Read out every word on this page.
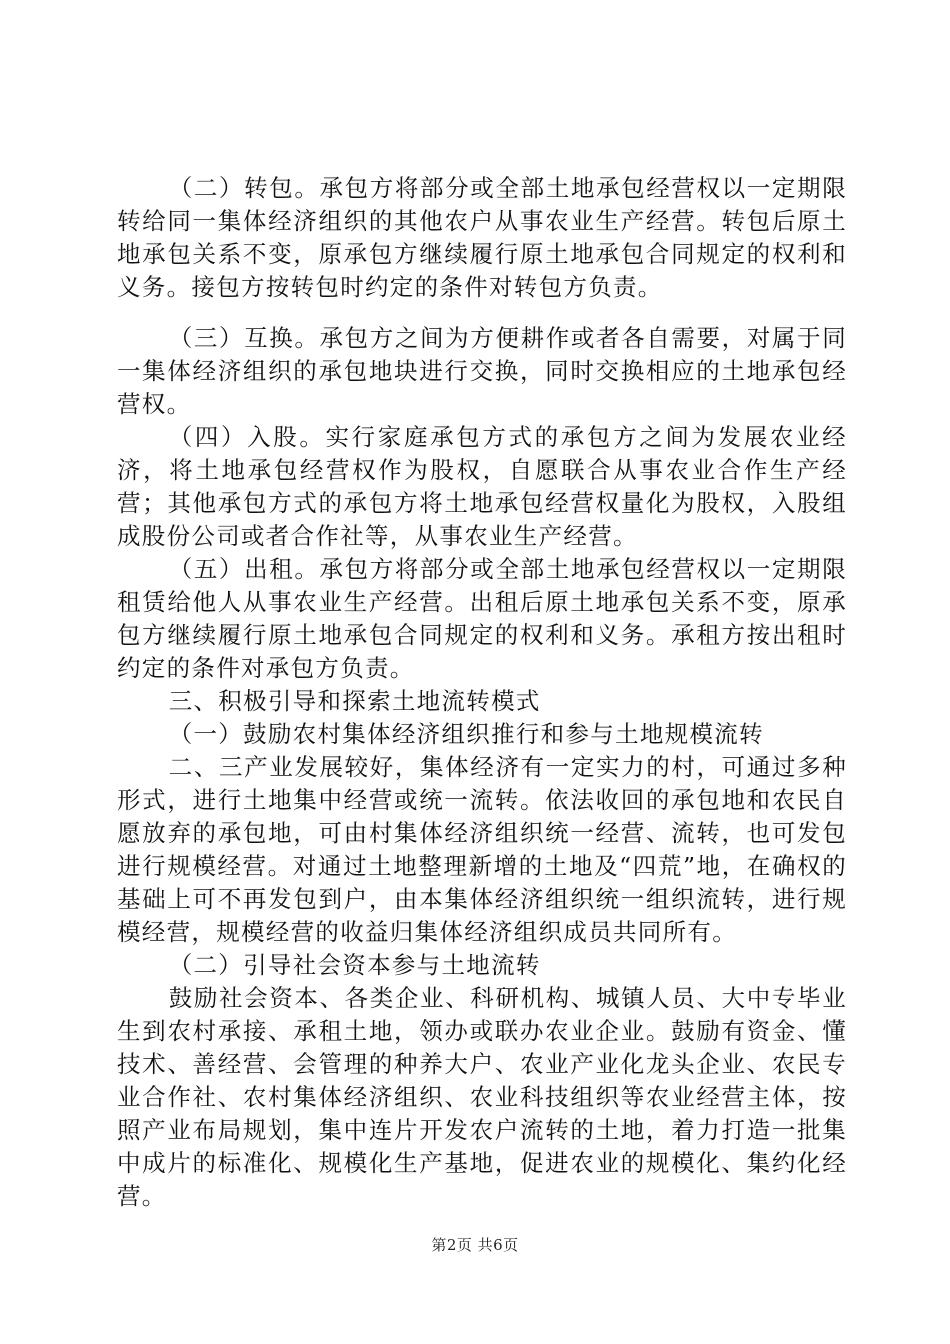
（二）转包。承包方将部分或全部土地承包经营权以一定期限转给同一集体经济组织的其他农户从事农业生产经营。转包后原土地承包关系不变，原承包方继续履行原土地承包合同规定的权利和义务。接包方按转包时约定的条件对转包方负责。

（三）互换。承包方之间为方便耕作或者各自需要，对属于同一集体经济组织的承包地块进行交换，同时交换相应的土地承包经营权。

（四）入股。实行家庭承包方式的承包方之间为发展农业经济，将土地承包经营权作为股权，自愿联合从事农业合作生产经营；其他承包方式的承包方将土地承包经营权量化为股权，入股组成股份公司或者合作社等，从事农业生产经营。

（五）出租。承包方将部分或全部土地承包经营权以一定期限租赁给他人从事农业生产经营。出租后原土地承包关系不变，原承包方继续履行原土地承包合同规定的权利和义务。承租方按出租时约定的条件对承包方负责。

三、积极引导和探索土地流转模式

（一）鼓励农村集体经济组织推行和参与土地规模流转

二、三产业发展较好，集体经济有一定实力的村，可通过多种形式，进行土地集中经营或统一流转。依法收回的承包地和农民自愿放弃的承包地，可由村集体经济组织统一经营、流转，也可发包进行规模经营。对通过土地整理新增的土地及“四荒”地，在确权的基础上可不再发包到户，由本集体经济组织统一组织流转，进行规模经营，规模经营的收益归集体经济组织成员共同所有。

（二）引导社会资本参与土地流转

鼓励社会资本、各类企业、科研机构、城镇人员、大中专毕业生到农村承接、承租土地，领办或联办农业企业。鼓励有资金、懂技术、善经营、会管理的种养大户、农业产业化龙头企业、农民专业合作社、农村集体经济组织、农业科技组织等农业经营主体，按照产业布局规划，集中连片开发农户流转的土地，着力打造一批集中成片的标准化、规模化生产基地，促进农业的规模化、集约化经营。

第2页 共6页
